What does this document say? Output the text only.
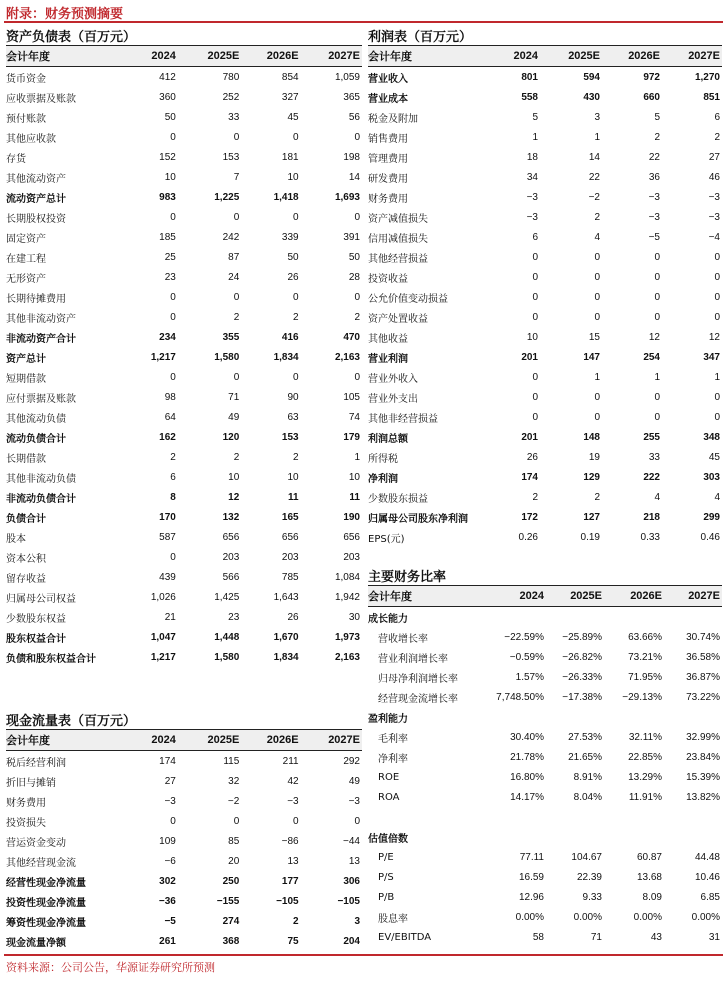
附录：财务预测摘要
资产负债表（百万元）
会计年度	2024	2025E	2026E	2027E
货币资金	412	780	854	1,059
应收票据及账款	360	252	327	365
预付账款	50	33	45	56
其他应收款	0	0	0	0
存货	152	153	181	198
其他流动资产	10	7	10	14
流动资产总计	983	1,225	1,418	1,693
长期股权投资	0	0	0	0
固定资产	185	242	339	391
在建工程	25	87	50	50
无形资产	23	24	26	28
长期待摊费用	0	0	0	0
其他非流动资产	0	2	2	2
非流动资产合计	234	355	416	470
资产总计	1,217	1,580	1,834	2,163
短期借款	0	0	0	0
应付票据及账款	98	71	90	105
其他流动负债	64	49	63	74
流动负债合计	162	120	153	179
长期借款	2	2	2	1
其他非流动负债	6	10	10	10
非流动负债合计	8	12	11	11
负债合计	170	132	165	190
股本	587	656	656	656
资本公积	0	203	203	203
留存收益	439	566	785	1,084
归属母公司权益	1,026	1,425	1,643	1,942
少数股东权益	21	23	26	30
股东权益合计	1,047	1,448	1,670	1,973
负债和股东权益合计	1,217	1,580	1,834	2,163
利润表（百万元）
会计年度	2024	2025E	2026E	2027E
营业收入	801	594	972	1,270
营业成本	558	430	660	851
税金及附加	5	3	5	6
销售费用	1	1	2	2
管理费用	18	14	22	27
研发费用	34	22	36	46
财务费用	−3	−2	−3	−3
资产减值损失	−3	2	−3	−3
信用减值损失	6	4	−5	−4
其他经营损益	0	0	0	0
投资收益	0	0	0	0
公允价值变动损益	0	0	0	0
资产处置收益	0	0	0	0
其他收益	10	15	12	12
营业利润	201	147	254	347
营业外收入	0	1	1	1
营业外支出	0	0	0	0
其他非经营损益	0	0	0	0
利润总额	201	148	255	348
所得税	26	19	33	45
净利润	174	129	222	303
少数股东损益	2	2	4	4
归属母公司股东净利润	172	127	218	299
EPS(元)	0.26	0.19	0.33	0.46
主要财务比率
会计年度	2024	2025E	2026E	2027E
成长能力				
营收增长率	−22.59%	−25.89%	63.66%	30.74%
营业利润增长率	−0.59%	−26.82%	73.21%	36.58%
归母净利润增长率	1.57%	−26.33%	71.95%	36.87%
经营现金流增长率	7,748.50%	−17.38%	−29.13%	73.22%
盈利能力				
毛利率	30.40%	27.53%	32.11%	32.99%
净利率	21.78%	21.65%	22.85%	23.84%
ROE	16.80%	8.91%	13.29%	15.39%
ROA	14.17%	8.04%	11.91%	13.82%

估值倍数				
P/E	77.11	104.67	60.87	44.48
P/S	16.59	22.39	13.68	10.46
P/B	12.96	9.33	8.09	6.85
股息率	0.00%	0.00%	0.00%	0.00%
EV/EBITDA	58	71	43	31
现金流量表（百万元）
会计年度	2024	2025E	2026E	2027E
税后经营利润	174	115	211	292
折旧与摊销	27	32	42	49
财务费用	−3	−2	−3	−3
投资损失	0	0	0	0
营运资金变动	109	85	−86	−44
其他经营现金流	−6	20	13	13
经营性现金净流量	302	250	177	306
投资性现金净流量	−36	−155	−105	−105
筹资性现金净流量	−5	274	2	3
现金流量净额	261	368	75	204
资料来源：公司公告，华源证券研究所预测
